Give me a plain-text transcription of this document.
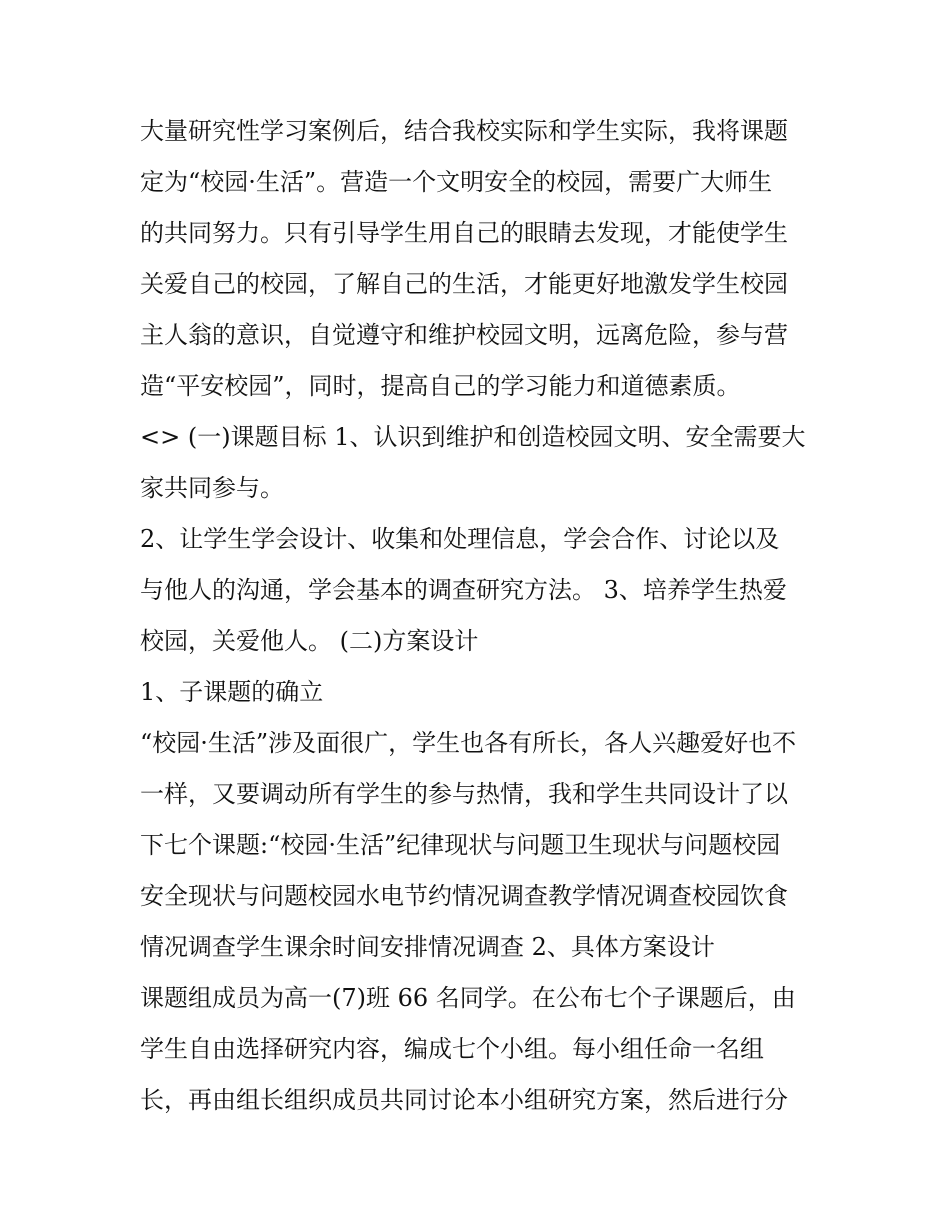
大量研究性学习案例后，结合我校实际和学生实际，我将课题
定为“校园·生活”。营造一个文明安全的校园，需要广大师生
的共同努力。只有引导学生用自己的眼睛去发现，才能使学生
关爱自己的校园，了解自己的生活，才能更好地激发学生校园
主人翁的意识，自觉遵守和维护校园文明，远离危险，参与营
造“平安校园”，同时，提高自己的学习能力和道德素质。
<> (一)课题目标 1、认识到维护和创造校园文明、安全需要大
家共同参与。
2、让学生学会设计、收集和处理信息，学会合作、讨论以及
与他人的沟通，学会基本的调查研究方法。 3、培养学生热爱
校园，关爱他人。 (二)方案设计
1、子课题的确立
“校园·生活”涉及面很广，学生也各有所长，各人兴趣爱好也不
一样，又要调动所有学生的参与热情，我和学生共同设计了以
下七个课题:“校园·生活”纪律现状与问题卫生现状与问题校园
安全现状与问题校园水电节约情况调查教学情况调查校园饮食
情况调查学生课余时间安排情况调查 2、具体方案设计
课题组成员为高一(7)班 66 名同学。在公布七个子课题后，由
学生自由选择研究内容，编成七个小组。每小组任命一名组
长，再由组长组织成员共同讨论本小组研究方案，然后进行分
